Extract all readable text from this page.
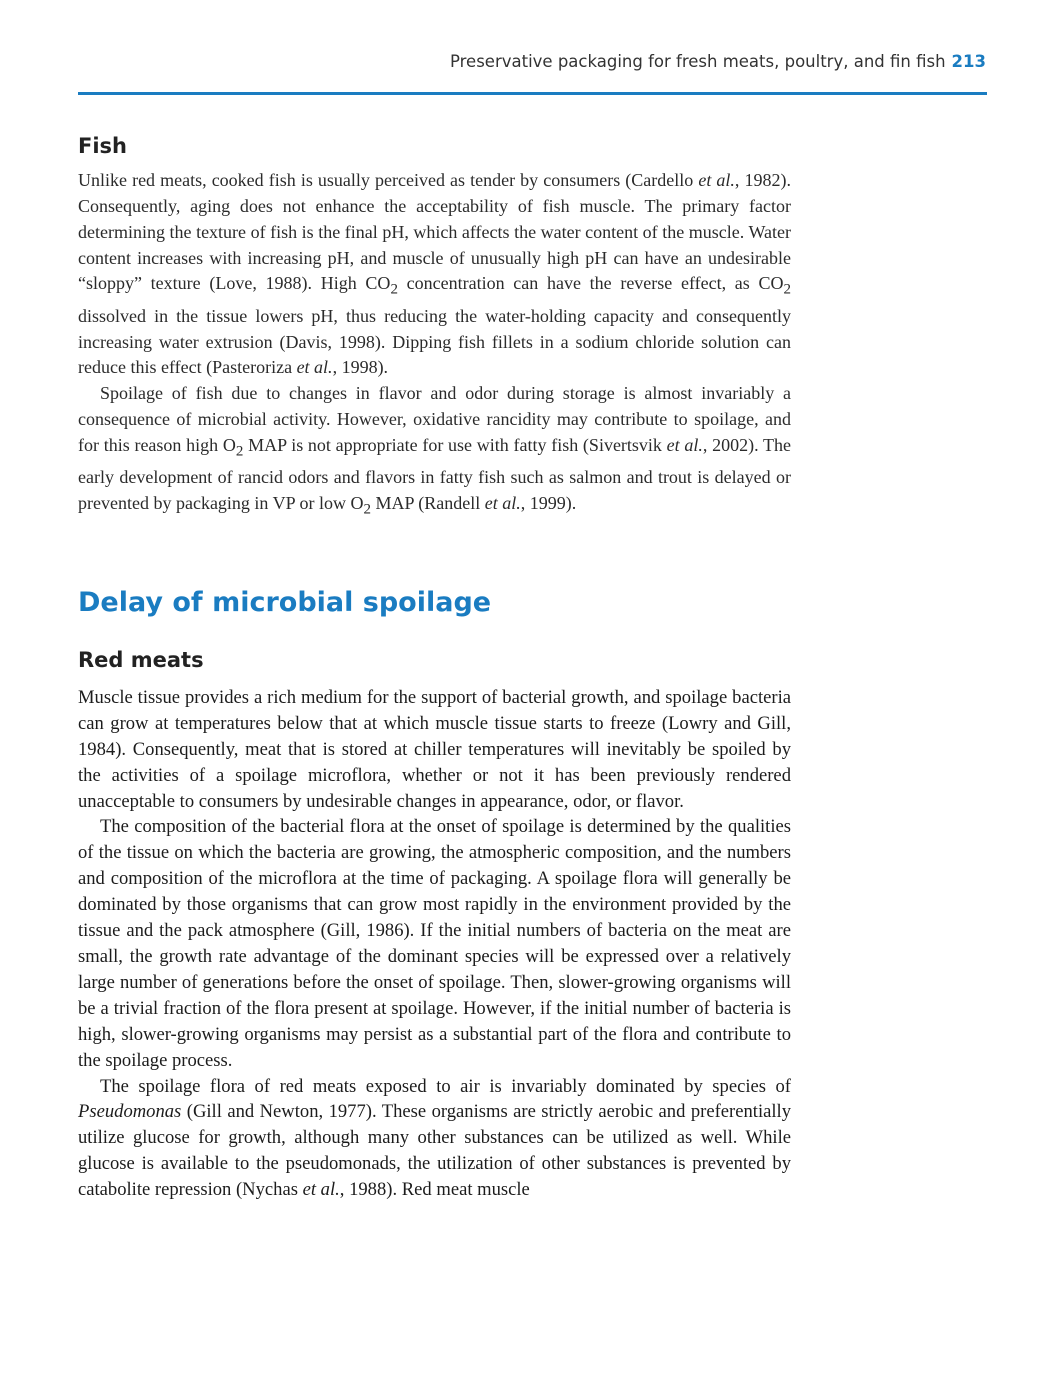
Preservative packaging for fresh meats, poultry, and fin fish 213
Fish

Unlike red meats, cooked fish is usually perceived as tender by consumers (Cardello et al., 1982). Consequently, aging does not enhance the acceptability of fish muscle. The primary factor determining the texture of fish is the final pH, which affects the water content of the muscle. Water content increases with increasing pH, and muscle of unusually high pH can have an undesirable “sloppy” texture (Love, 1988). High $CO_2$ concentration can have the reverse effect, as $CO_2$ dissolved in the tissue lowers pH, thus reducing the water-holding capacity and consequently increasing water extrusion (Davis, 1998). Dipping fish fillets in a sodium chloride solution can reduce this effect (Pasteroriza et al., 1998).

Spoilage of fish due to changes in flavor and odor during storage is almost invariably a consequence of microbial activity. However, oxidative rancidity may contribute to spoilage, and for this reason high $O_2$ MAP is not appropriate for use with fatty fish (Sivertsvik et al., 2002). The early development of rancid odors and flavors in fatty fish such as salmon and trout is delayed or prevented by packaging in VP or low $O_2$ MAP (Randell et al., 1999).

Delay of microbial spoilage
Red meats

Muscle tissue provides a rich medium for the support of bacterial growth, and spoilage bacteria can grow at temperatures below that at which muscle tissue starts to freeze (Lowry and Gill, 1984). Consequently, meat that is stored at chiller temperatures will inevitably be spoiled by the activities of a spoilage microflora, whether or not it has been previously rendered unacceptable to consumers by undesirable changes in appearance, odor, or flavor.

The composition of the bacterial flora at the onset of spoilage is determined by the qualities of the tissue on which the bacteria are growing, the atmospheric composition, and the numbers and composition of the microflora at the time of packaging. A spoilage flora will generally be dominated by those organisms that can grow most rapidly in the environment provided by the tissue and the pack atmosphere (Gill, 1986). If the initial numbers of bacteria on the meat are small, the growth rate advantage of the dominant species will be expressed over a relatively large number of generations before the onset of spoilage. Then, slower-growing organisms will be a trivial fraction of the flora present at spoilage. However, if the initial number of bacteria is high, slower-growing organisms may persist as a substantial part of the flora and contribute to the spoilage process.

The spoilage flora of red meats exposed to air is invariably dominated by species of Pseudomonas (Gill and Newton, 1977). These organisms are strictly aerobic and preferentially utilize glucose for growth, although many other substances can be utilized as well. While glucose is available to the pseudomonads, the utilization of other substances is prevented by catabolite repression (Nychas et al., 1988). Red meat muscle
